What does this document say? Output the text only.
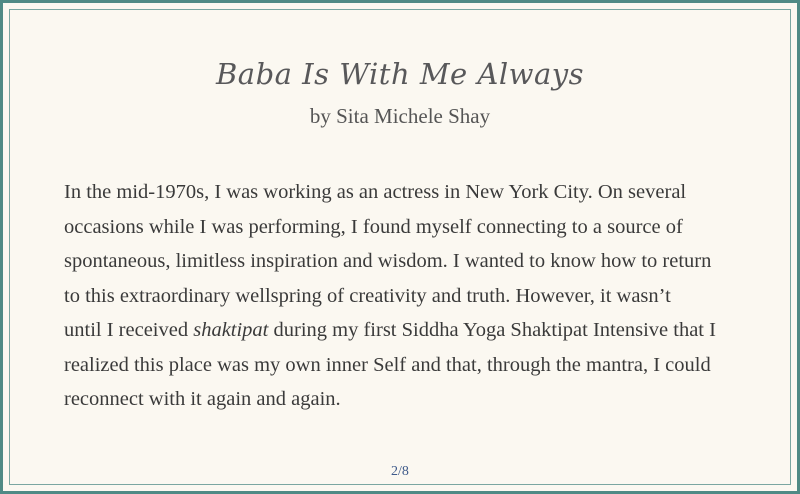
Baba Is With Me Always
by Sita Michele Shay
In the mid-1970s, I was working as an actress in New York City. On several
occasions while I was performing, I found myself connecting to a source of
spontaneous, limitless inspiration and wisdom. I wanted to know how to return
to this extraordinary wellspring of creativity and truth. However, it wasn’t
until I received shaktipat during my first Siddha Yoga Shaktipat Intensive that I
realized this place was my own inner Self and that, through the mantra, I could
reconnect with it again and again.
2/8
